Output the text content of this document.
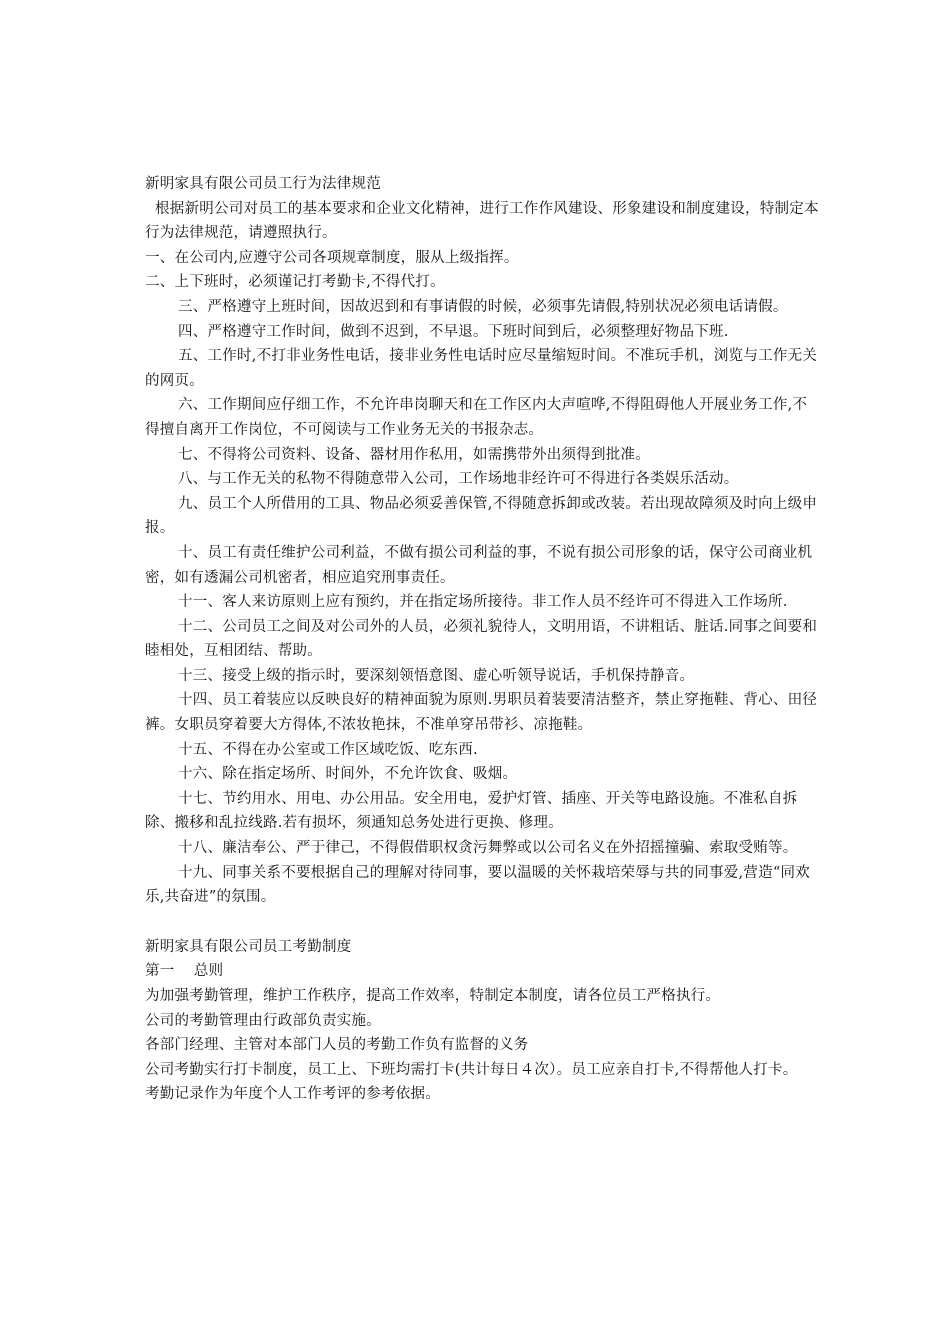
新明家具有限公司员工行为法律规范

根据新明公司对员工的基本要求和企业文化精神，进行工作作风建设、形象建设和制度建设，特制定本行为法律规范，请遵照执行。

一、在公司内,应遵守公司各项规章制度，服从上级指挥。

二、上下班时，必须谨记打考勤卡,不得代打。

三、严格遵守上班时间，因故迟到和有事请假的时候，必须事先请假,特别状况必须电话请假。

四、严格遵守工作时间，做到不迟到，不早退。下班时间到后，必须整理好物品下班.

五、工作时,不打非业务性电话，接非业务性电话时应尽量缩短时间。不准玩手机，浏览与工作无关的网页。

六、工作期间应仔细工作，不允许串岗聊天和在工作区内大声喧哗,不得阻碍他人开展业务工作,不得擅自离开工作岗位，不可阅读与工作业务无关的书报杂志。

七、不得将公司资料、设备、器材用作私用，如需携带外出须得到批准。

八、与工作无关的私物不得随意带入公司，工作场地非经许可不得进行各类娱乐活动。

九、员工个人所借用的工具、物品必须妥善保管,不得随意拆卸或改装。若出现故障须及时向上级申报。

十、员工有责任维护公司利益，不做有损公司利益的事，不说有损公司形象的话，保守公司商业机密，如有透漏公司机密者，相应追究刑事责任。

十一、客人来访原则上应有预约，并在指定场所接待。非工作人员不经许可不得进入工作场所.

十二、公司员工之间及对公司外的人员，必须礼貌待人，文明用语，不讲粗话、脏话.同事之间要和睦相处，互相团结、帮助。

十三、接受上级的指示时，要深刻领悟意图、虚心听领导说话，手机保持静音。

十四、员工着装应以反映良好的精神面貌为原则.男职员着装要清洁整齐，禁止穿拖鞋、背心、田径裤。女职员穿着要大方得体,不浓妆艳抹，不准单穿吊带衫、凉拖鞋。

十五、不得在办公室或工作区域吃饭、吃东西.

十六、除在指定场所、时间外，不允许饮食、吸烟。

十七、节约用水、用电、办公用品。安全用电，爱护灯管、插座、开关等电路设施。不准私自拆除、搬移和乱拉线路.若有损坏，须通知总务处进行更换、修理。

十八、廉洁奉公、严于律己，不得假借职权贪污舞弊或以公司名义在外招摇撞骗、索取受贿等。

十九、同事关系不要根据自己的理解对待同事，要以温暖的关怀栽培荣辱与共的同事爱,营造“同欢乐,共奋进”的氛围。

新明家具有限公司员工考勤制度

第一    总则

为加强考勤管理，维护工作秩序，提高工作效率，特制定本制度，请各位员工严格执行。

公司的考勤管理由行政部负责实施。

各部门经理、主管对本部门人员的考勤工作负有监督的义务

公司考勤实行打卡制度，员工上、下班均需打卡(共计每日４次）。员工应亲自打卡,不得帮他人打卡。

考勤记录作为年度个人工作考评的参考依据。
